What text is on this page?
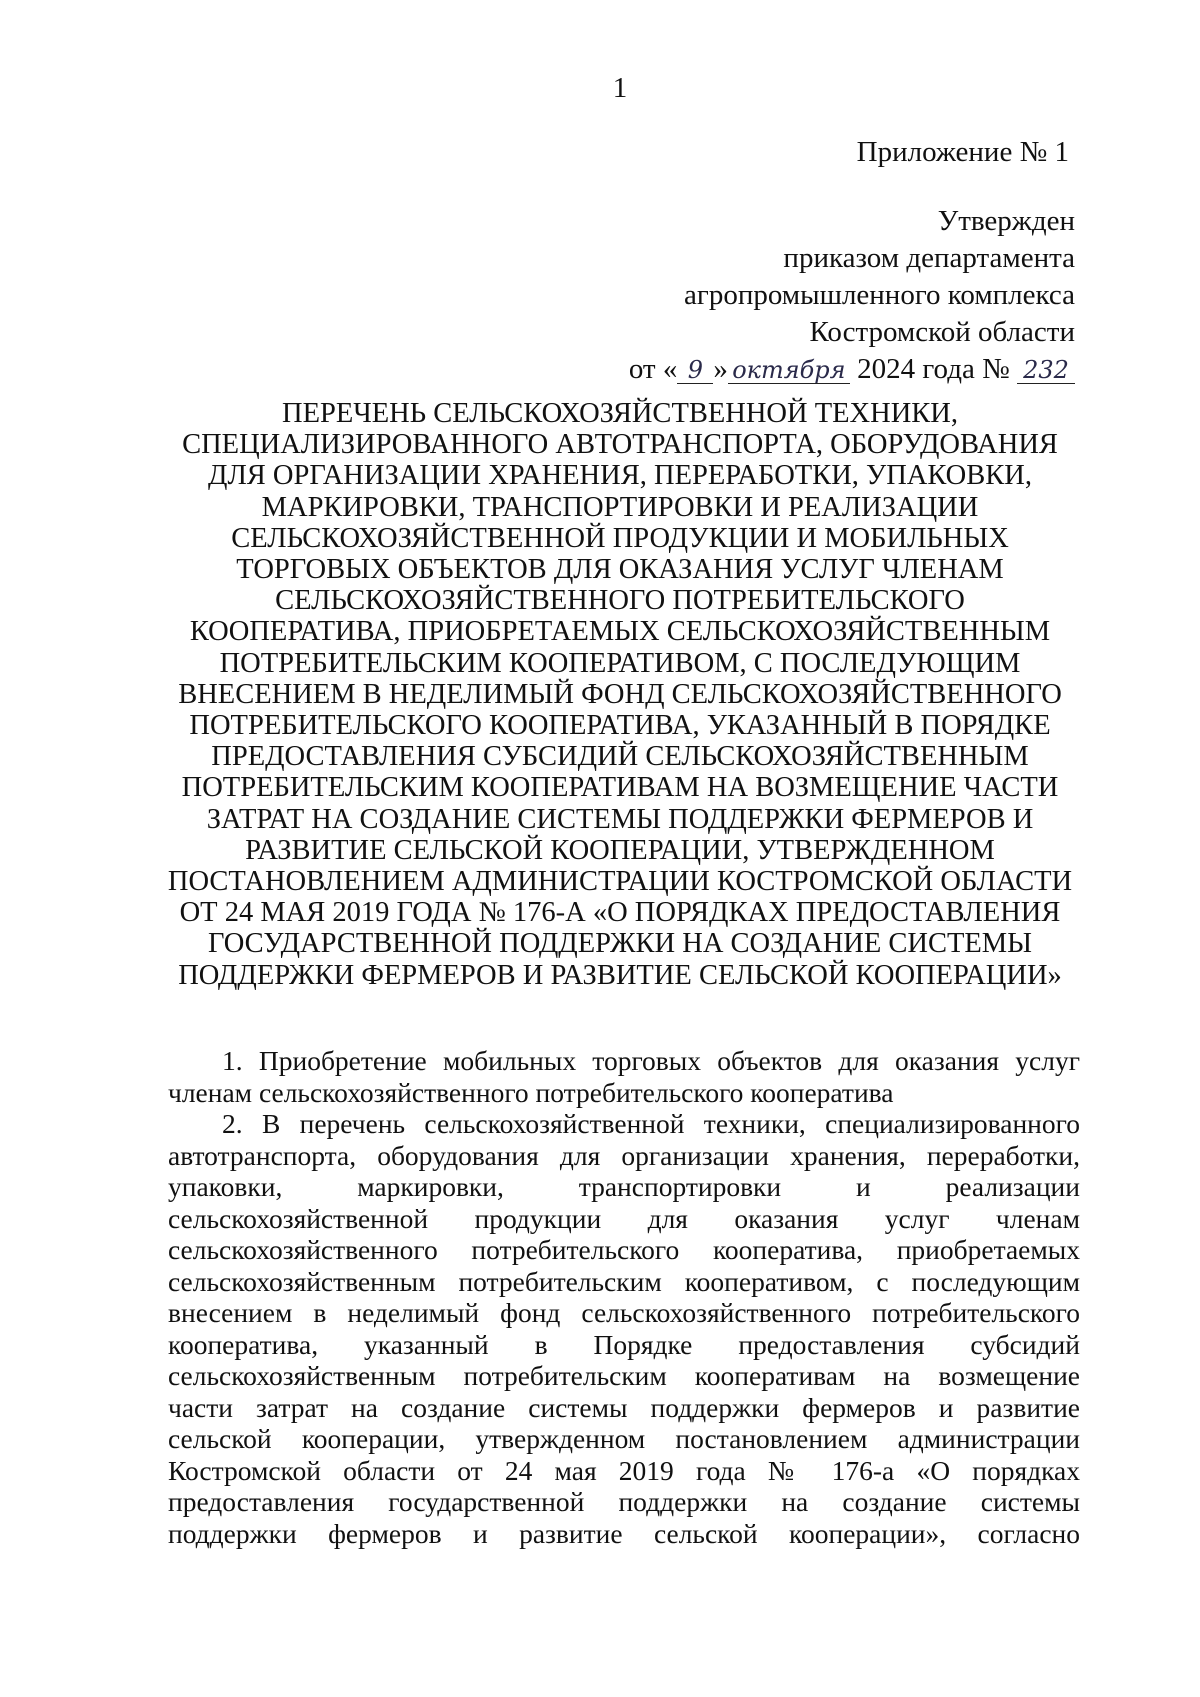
1
Приложение № 1
Утвержден
приказом департамента
агропромышленного комплекса
Костромской области
от « 9 » октября 2024 года № 232
ПЕРЕЧЕНЬ СЕЛЬСКОХОЗЯЙСТВЕННОЙ ТЕХНИКИ,
СПЕЦИАЛИЗИРОВАННОГО АВТОТРАНСПОРТА, ОБОРУДОВАНИЯ
ДЛЯ ОРГАНИЗАЦИИ ХРАНЕНИЯ, ПЕРЕРАБОТКИ, УПАКОВКИ,
МАРКИРОВКИ, ТРАНСПОРТИРОВКИ И РЕАЛИЗАЦИИ
СЕЛЬСКОХОЗЯЙСТВЕННОЙ ПРОДУКЦИИ И МОБИЛЬНЫХ
ТОРГОВЫХ ОБЪЕКТОВ ДЛЯ ОКАЗАНИЯ УСЛУГ ЧЛЕНАМ
СЕЛЬСКОХОЗЯЙСТВЕННОГО ПОТРЕБИТЕЛЬСКОГО
КООПЕРАТИВА, ПРИОБРЕТАЕМЫХ СЕЛЬСКОХОЗЯЙСТВЕННЫМ
ПОТРЕБИТЕЛЬСКИМ КООПЕРАТИВОМ, С ПОСЛЕДУЮЩИМ
ВНЕСЕНИЕМ В НЕДЕЛИМЫЙ ФОНД СЕЛЬСКОХОЗЯЙСТВЕННОГО
ПОТРЕБИТЕЛЬСКОГО КООПЕРАТИВА, УКАЗАННЫЙ В ПОРЯДКЕ
ПРЕДОСТАВЛЕНИЯ СУБСИДИЙ СЕЛЬСКОХОЗЯЙСТВЕННЫМ
ПОТРЕБИТЕЛЬСКИМ КООПЕРАТИВАМ НА ВОЗМЕЩЕНИЕ ЧАСТИ
ЗАТРАТ НА СОЗДАНИЕ СИСТЕМЫ ПОДДЕРЖКИ ФЕРМЕРОВ И
РАЗВИТИЕ СЕЛЬСКОЙ КООПЕРАЦИИ, УТВЕРЖДЕННОМ
ПОСТАНОВЛЕНИЕМ АДМИНИСТРАЦИИ КОСТРОМСКОЙ ОБЛАСТИ
ОТ 24 МАЯ 2019 ГОДА № 176-А «О ПОРЯДКАХ ПРЕДОСТАВЛЕНИЯ
ГОСУДАРСТВЕННОЙ ПОДДЕРЖКИ НА СОЗДАНИЕ СИСТЕМЫ
ПОДДЕРЖКИ ФЕРМЕРОВ И РАЗВИТИЕ СЕЛЬСКОЙ КООПЕРАЦИИ»
1. Приобретение мобильных торговых объектов для оказания услуг
членам сельскохозяйственного потребительского кооператива
2. В перечень сельскохозяйственной техники, специализированного
автотранспорта, оборудования для организации хранения, переработки,
упаковки, маркировки, транспортировки и реализации
сельскохозяйственной продукции для оказания услуг членам
сельскохозяйственного потребительского кооператива, приобретаемых
сельскохозяйственным потребительским кооперативом, с последующим
внесением в неделимый фонд сельскохозяйственного потребительского
кооператива, указанный в Порядке предоставления субсидий
сельскохозяйственным потребительским кооперативам на возмещение
части затрат на создание системы поддержки фермеров и развитие
сельской кооперации, утвержденном постановлением администрации
Костромской области от 24 мая 2019 года № 176-а «О порядках
предоставления государственной поддержки на создание системы
поддержки фермеров и развитие сельской кооперации», согласно
